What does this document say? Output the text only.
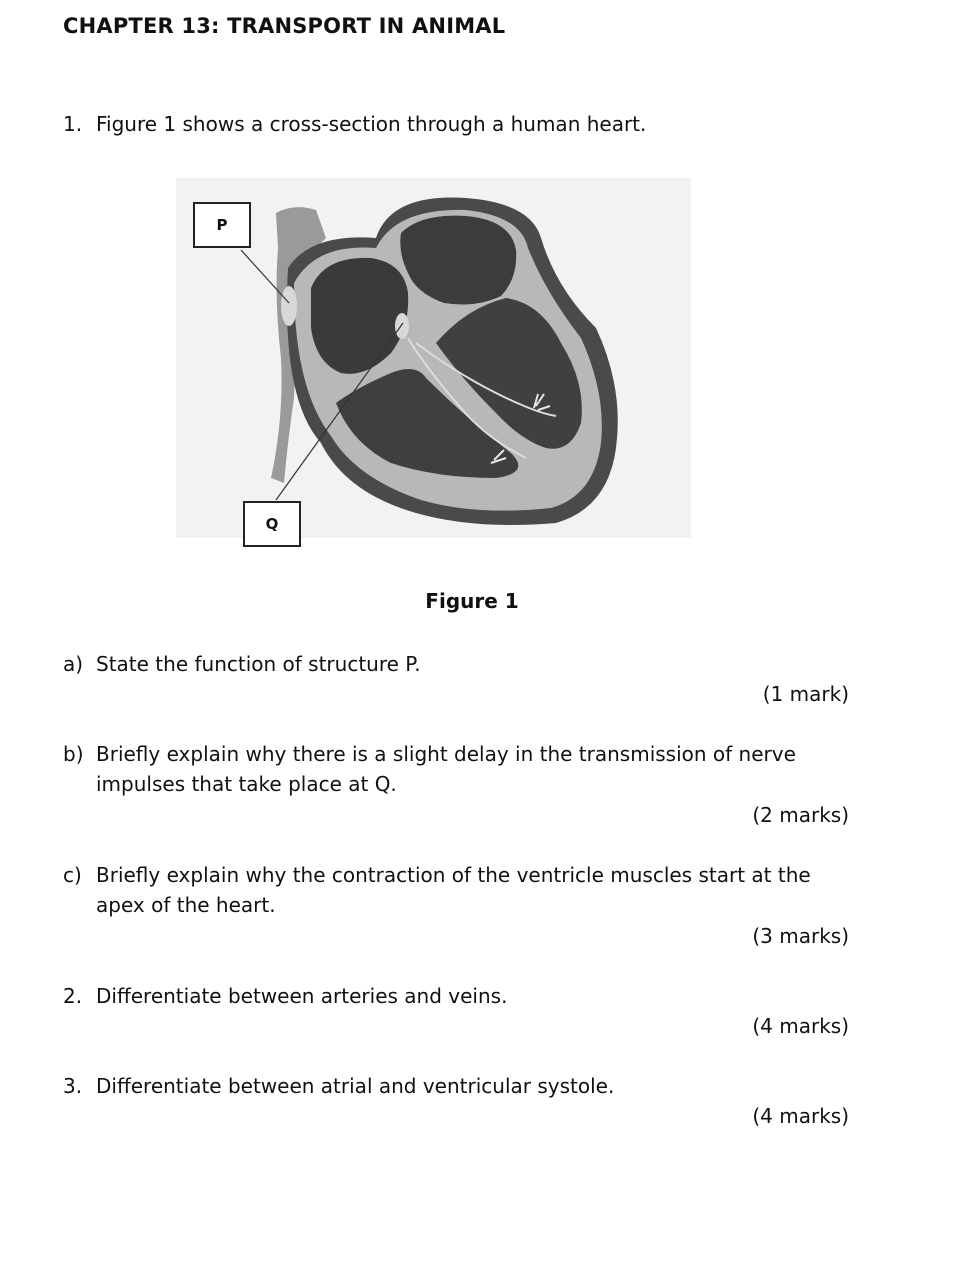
CHAPTER 13: TRANSPORT IN ANIMAL
1. Figure 1 shows a cross-section through a human heart.
P
Q
Figure 1
a) State the function of structure P.
(1 mark)
b) Briefly explain why there is a slight delay in the transmission of nerve impulses that take place at Q.
(2 marks)
c) Briefly explain why the contraction of the ventricle muscles start at the apex of the heart.
(3 marks)
2. Differentiate between arteries and veins.
(4 marks)
3. Differentiate between atrial and ventricular systole.
(4 marks)
